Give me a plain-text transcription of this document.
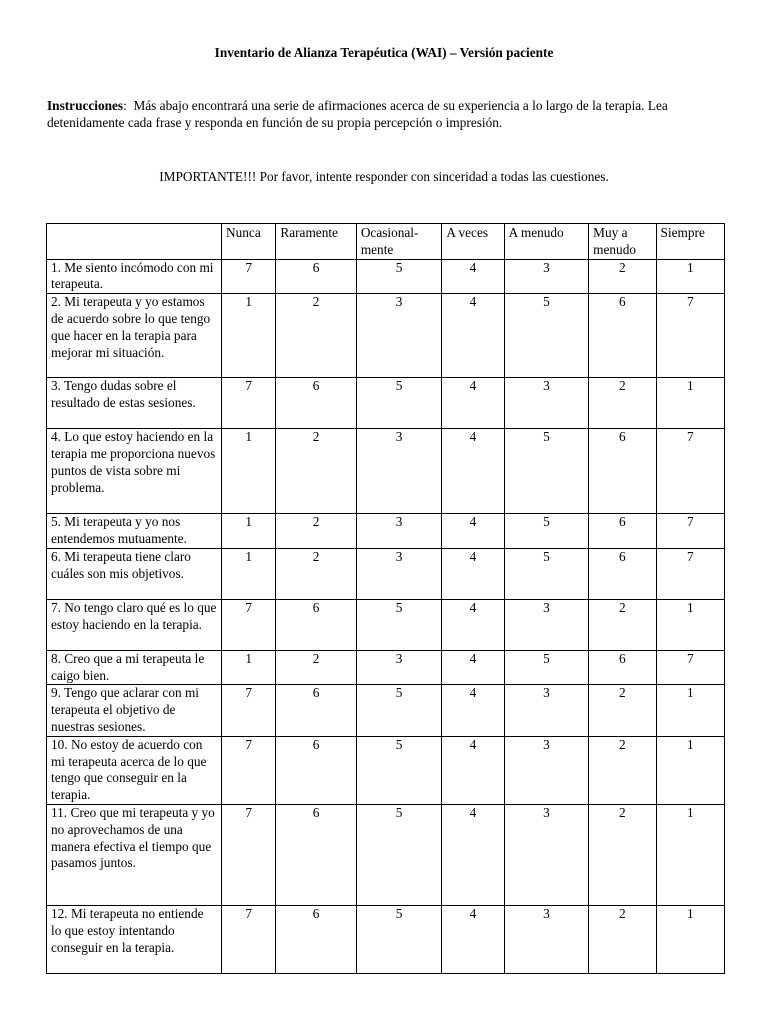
Inventario de Alianza Terapéutica (WAI) – Versión paciente
Instrucciones:  Más abajo encontrará una serie de afirmaciones acerca de su experiencia a lo largo de la terapia. Lea detenidamente cada frase y responda en función de su propia percepción o impresión.
IMPORTANTE!!! Por favor, intente responder con sinceridad a todas las cuestiones.
	Nunca	Raramente	Ocasional-mente	A veces	A menudo	Muy a menudo	Siempre
1. Me siento incómodo con mi terapeuta.	7	6	5	4	3	2	1
2. Mi terapeuta y yo estamos de acuerdo sobre lo que tengo que hacer en la terapia para mejorar mi situación.	1	2	3	4	5	6	7
3. Tengo dudas sobre el resultado de estas sesiones.	7	6	5	4	3	2	1
4. Lo que estoy haciendo en la terapia me proporciona nuevos puntos de vista sobre mi problema.	1	2	3	4	5	6	7
5. Mi terapeuta y yo nos entendemos mutuamente.	1	2	3	4	5	6	7
6. Mi terapeuta tiene claro cuáles son mis objetivos.	1	2	3	4	5	6	7
7. No tengo claro qué es lo que estoy haciendo en la terapia.	7	6	5	4	3	2	1
8. Creo que a mi terapeuta le caigo bien.	1	2	3	4	5	6	7
9. Tengo que aclarar con mi terapeuta el objetivo de nuestras sesiones.	7	6	5	4	3	2	1
10. No estoy de acuerdo con mi terapeuta acerca de lo que tengo que conseguir en la terapia.	7	6	5	4	3	2	1
11. Creo que mi terapeuta y yo no aprovechamos de una manera efectiva el tiempo que pasamos juntos.	7	6	5	4	3	2	1
12. Mi terapeuta no entiende lo que estoy intentando conseguir en la terapia.	7	6	5	4	3	2	1
